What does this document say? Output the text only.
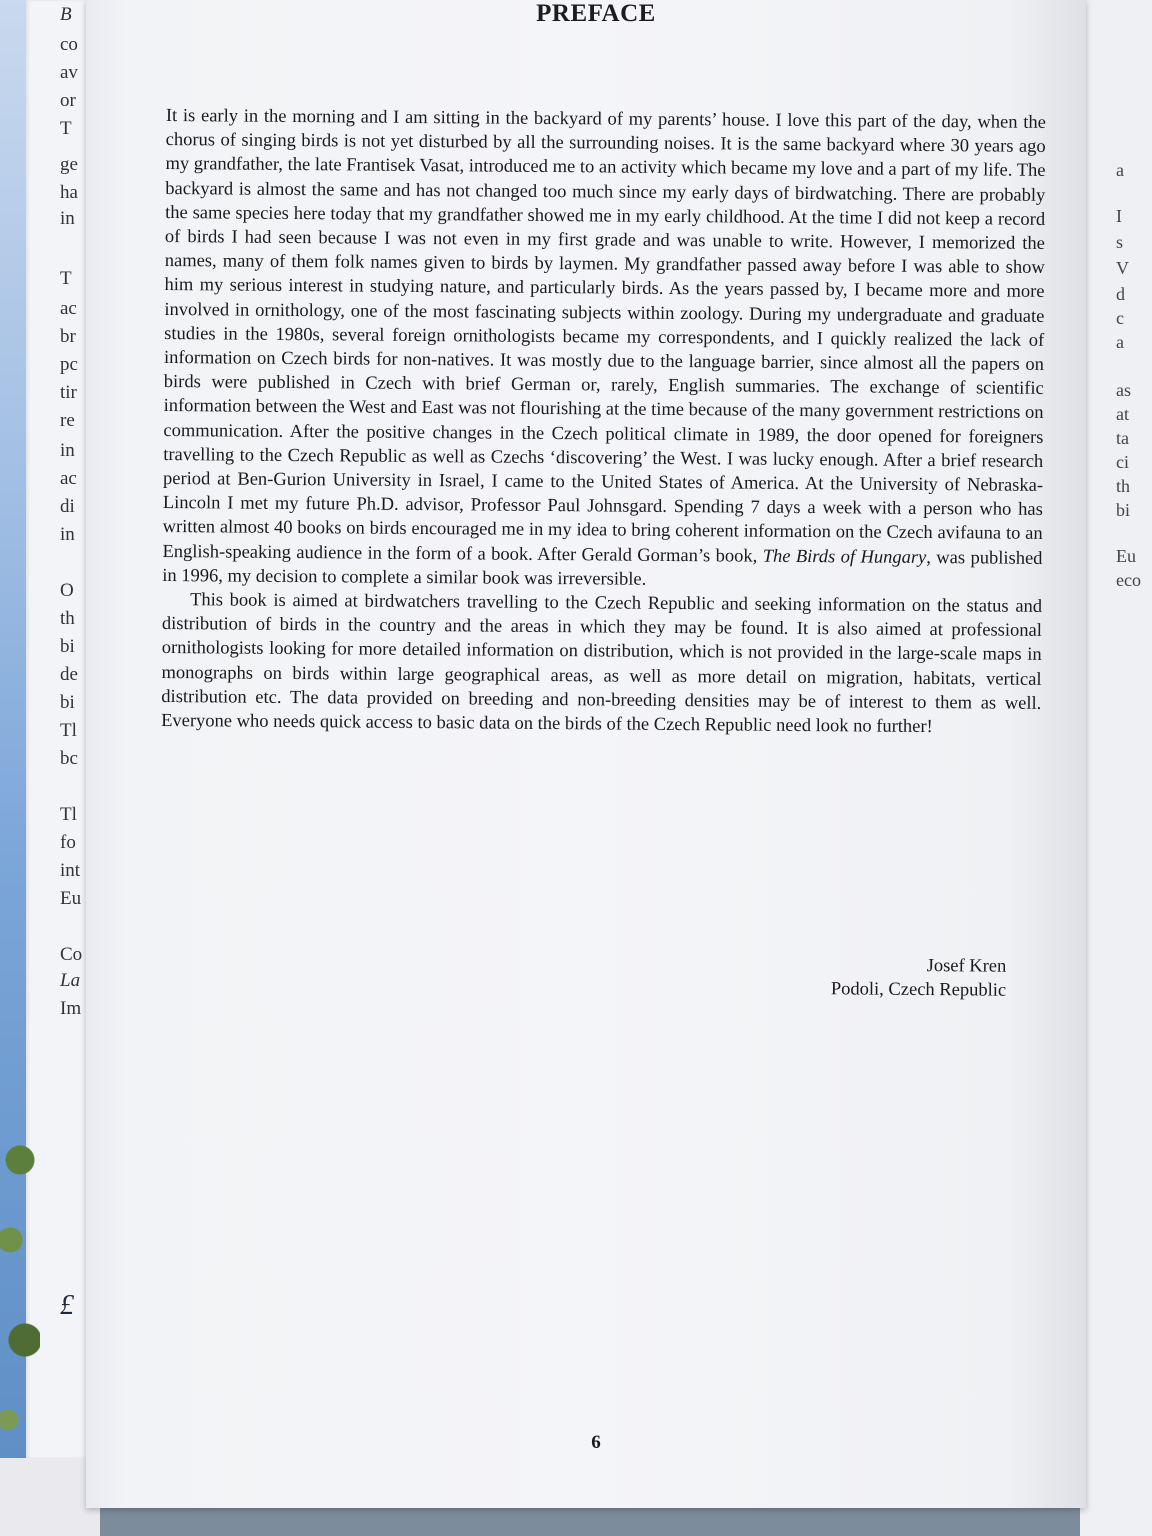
B
co
av
or
T
ge
ha
in
T
ac
br
pc
tir
re
in
ac
di
in
O
th
bi
de
bi
Tl
bc
Tl
fo
int
Eu
Co
La
Im
£
a
I
s
V
d
c
a
as
at
ta
ci
th
bi
Eu
eco
PREFACE

It is early in the morning and I am sitting in the backyard of my parents’ house. I love this part of the day, when the chorus of singing birds is not yet disturbed by all the surrounding noises. It is the same backyard where 30 years ago my grandfather, the late Frantisek Vasat, introduced me to an activity which became my love and a part of my life. The backyard is almost the same and has not changed too much since my early days of birdwatching. There are probably the same species here today that my grandfather showed me in my early childhood. At the time I did not keep a record of birds I had seen because I was not even in my first grade and was unable to write. However, I memorized the names, many of them folk names given to birds by laymen. My grandfather passed away before I was able to show him my serious interest in studying nature, and particularly birds. As the years passed by, I became more and more involved in ornithology, one of the most fascinating subjects within zoology. During my undergraduate and graduate studies in the 1980s, several foreign ornithologists became my correspondents, and I quickly realized the lack of information on Czech birds for non-natives. It was mostly due to the language barrier, since almost all the papers on birds were published in Czech with brief German or, rarely, English summaries. The exchange of scientific information between the West and East was not flourishing at the time because of the many government restrictions on communication. After the positive changes in the Czech political climate in 1989, the door opened for foreigners travelling to the Czech Republic as well as Czechs ‘discovering’ the West. I was lucky enough. After a brief research period at Ben-Gurion University in Israel, I came to the United States of America. At the University of Nebraska-Lincoln I met my future Ph.D. advisor, Professor Paul Johnsgard. Spending 7 days a week with a person who has written almost 40 books on birds encouraged me in my idea to bring coherent information on the Czech avifauna to an English-speaking audience in the form of a book. After Gerald Gorman’s book, The Birds of Hungary, was published in 1996, my decision to complete a similar book was irreversible.

This book is aimed at birdwatchers travelling to the Czech Republic and seeking information on the status and distribution of birds in the country and the areas in which they may be found. It is also aimed at professional ornithologists looking for more detailed information on distribution, which is not provided in the large-scale maps in monographs on birds within large geographical areas, as well as more detail on migration, habitats, vertical distribution etc. The data provided on breeding and non-breeding densities may be of interest to them as well. Everyone who needs quick access to basic data on the birds of the Czech Republic need look no further!

Josef Kren
Podoli, Czech Republic
6
